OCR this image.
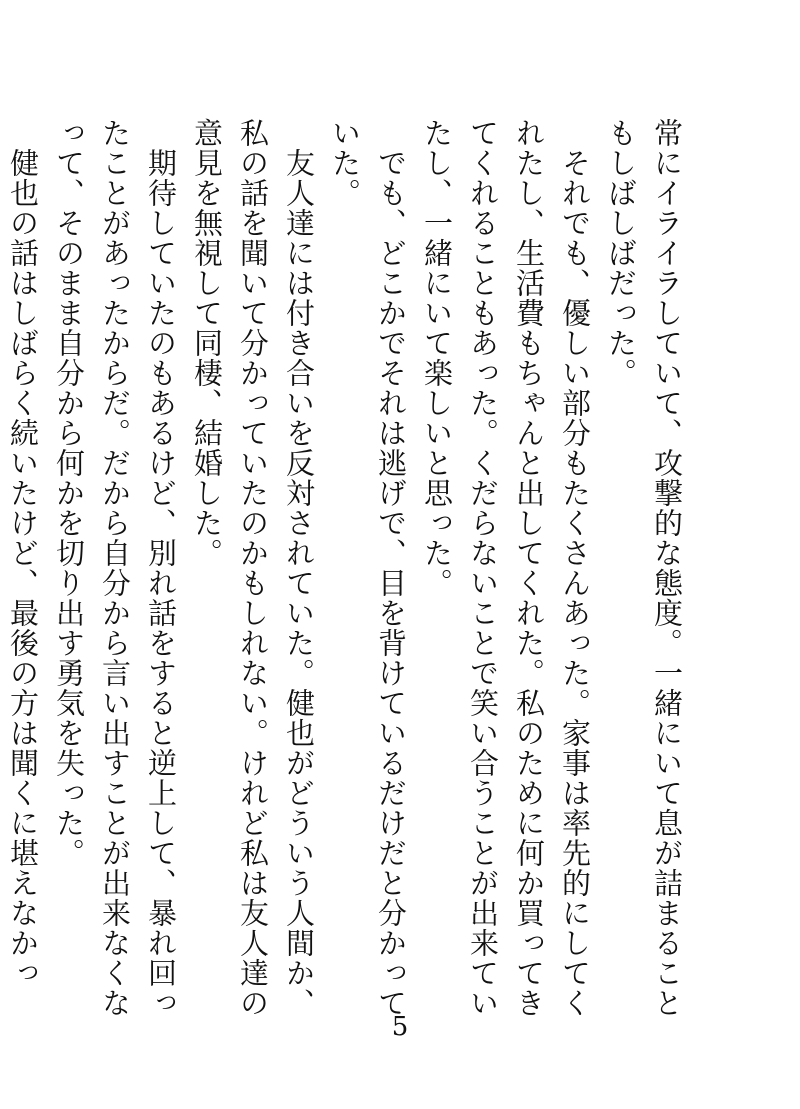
常にイライラしていて、攻撃的な態度。一緒にいて息が詰まることもしばしばだった。

　それでも、優しい部分もたくさんあった。家事は率先的にしてくれたし、生活費もちゃんと出してくれた。私のために何か買ってきてくれることもあった。くだらないことで笑い合うことが出来ていたし、一緒にいて楽しいと思った。

　でも、どこかでそれは逃げで、目を背けているだけだと分かっていた。

　友人達には付き合いを反対されていた。健也がどういう人間か、私の話を聞いて分かっていたのかもしれない。けれど私は友人達の意見を無視して同棲、結婚した。

　期待していたのもあるけど、別れ話をすると逆上して、暴れ回ったことがあったからだ。だから自分から言い出すことが出来なくなって、そのまま自分から何かを切り出す勇気を失った。

　健也の話はしばらく続いたけど、最後の方は聞くに堪えなかっ

5
